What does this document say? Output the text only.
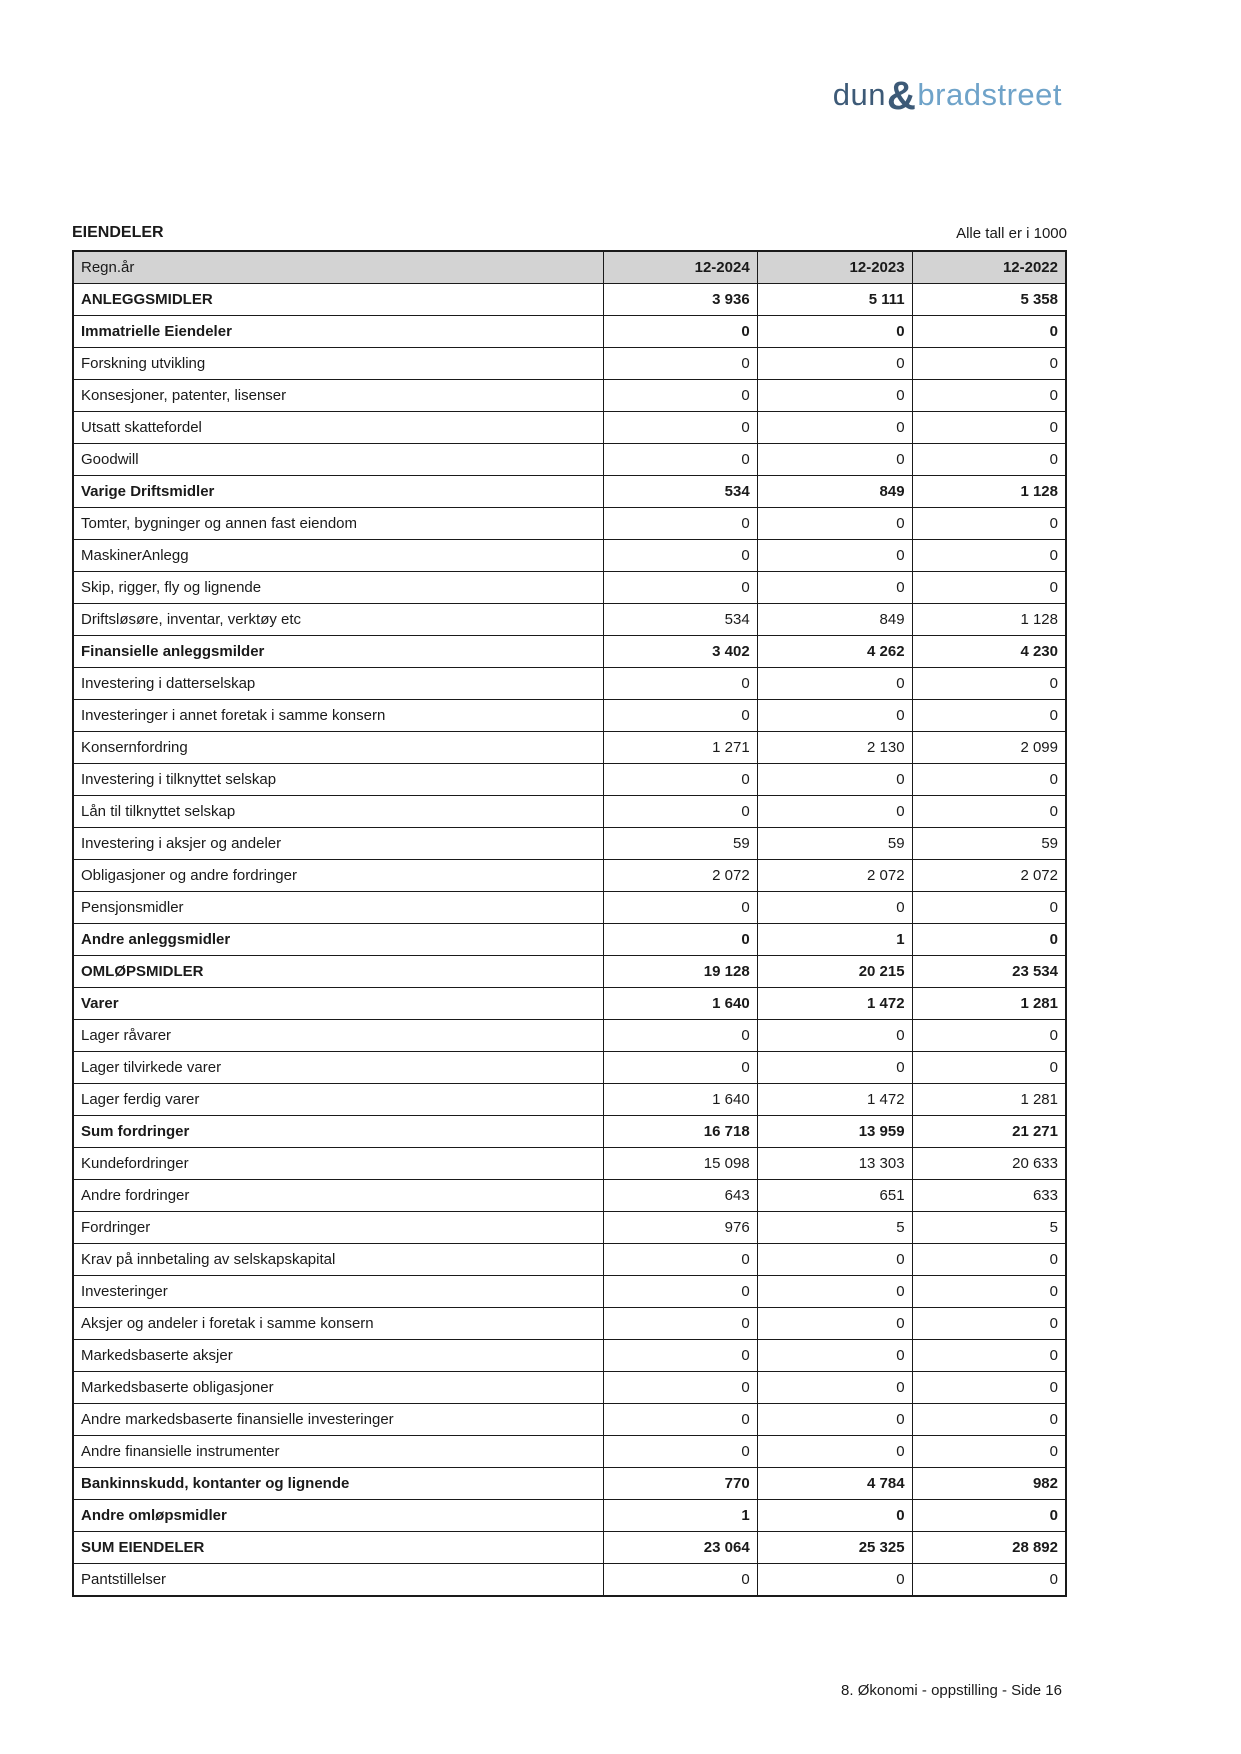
dun&bradstreet
EIENDELER	Alle tall er i 1000
Regn.år	12-2024	12-2023	12-2022
ANLEGGSMIDLER	3 936	5 111	5 358
Immatrielle Eiendeler	0	0	0
Forskning utvikling	0	0	0
Konsesjoner, patenter, lisenser	0	0	0
Utsatt skattefordel	0	0	0
Goodwill	0	0	0
Varige Driftsmidler	534	849	1 128
Tomter, bygninger og annen fast eiendom	0	0	0
MaskinerAnlegg	0	0	0
Skip, rigger, fly og lignende	0	0	0
Driftsløsøre, inventar, verktøy etc	534	849	1 128
Finansielle anleggsmilder	3 402	4 262	4 230
Investering i datterselskap	0	0	0
Investeringer i annet foretak i samme konsern	0	0	0
Konsernfordring	1 271	2 130	2 099
Investering i tilknyttet selskap	0	0	0
Lån til tilknyttet selskap	0	0	0
Investering i aksjer og andeler	59	59	59
Obligasjoner og andre fordringer	2 072	2 072	2 072
Pensjonsmidler	0	0	0
Andre anleggsmidler	0	1	0
OMLØPSMIDLER	19 128	20 215	23 534
Varer	1 640	1 472	1 281
Lager råvarer	0	0	0
Lager tilvirkede varer	0	0	0
Lager ferdig varer	1 640	1 472	1 281
Sum fordringer	16 718	13 959	21 271
Kundefordringer	15 098	13 303	20 633
Andre fordringer	643	651	633
Fordringer	976	5	5
Krav på innbetaling av selskapskapital	0	0	0
Investeringer	0	0	0
Aksjer og andeler i foretak i samme konsern	0	0	0
Markedsbaserte aksjer	0	0	0
Markedsbaserte obligasjoner	0	0	0
Andre markedsbaserte finansielle investeringer	0	0	0
Andre finansielle instrumenter	0	0	0
Bankinnskudd, kontanter og lignende	770	4 784	982
Andre omløpsmidler	1	0	0
SUM EIENDELER	23 064	25 325	28 892
Pantstillelser	0	0	0
8. Økonomi - oppstilling - Side 16
